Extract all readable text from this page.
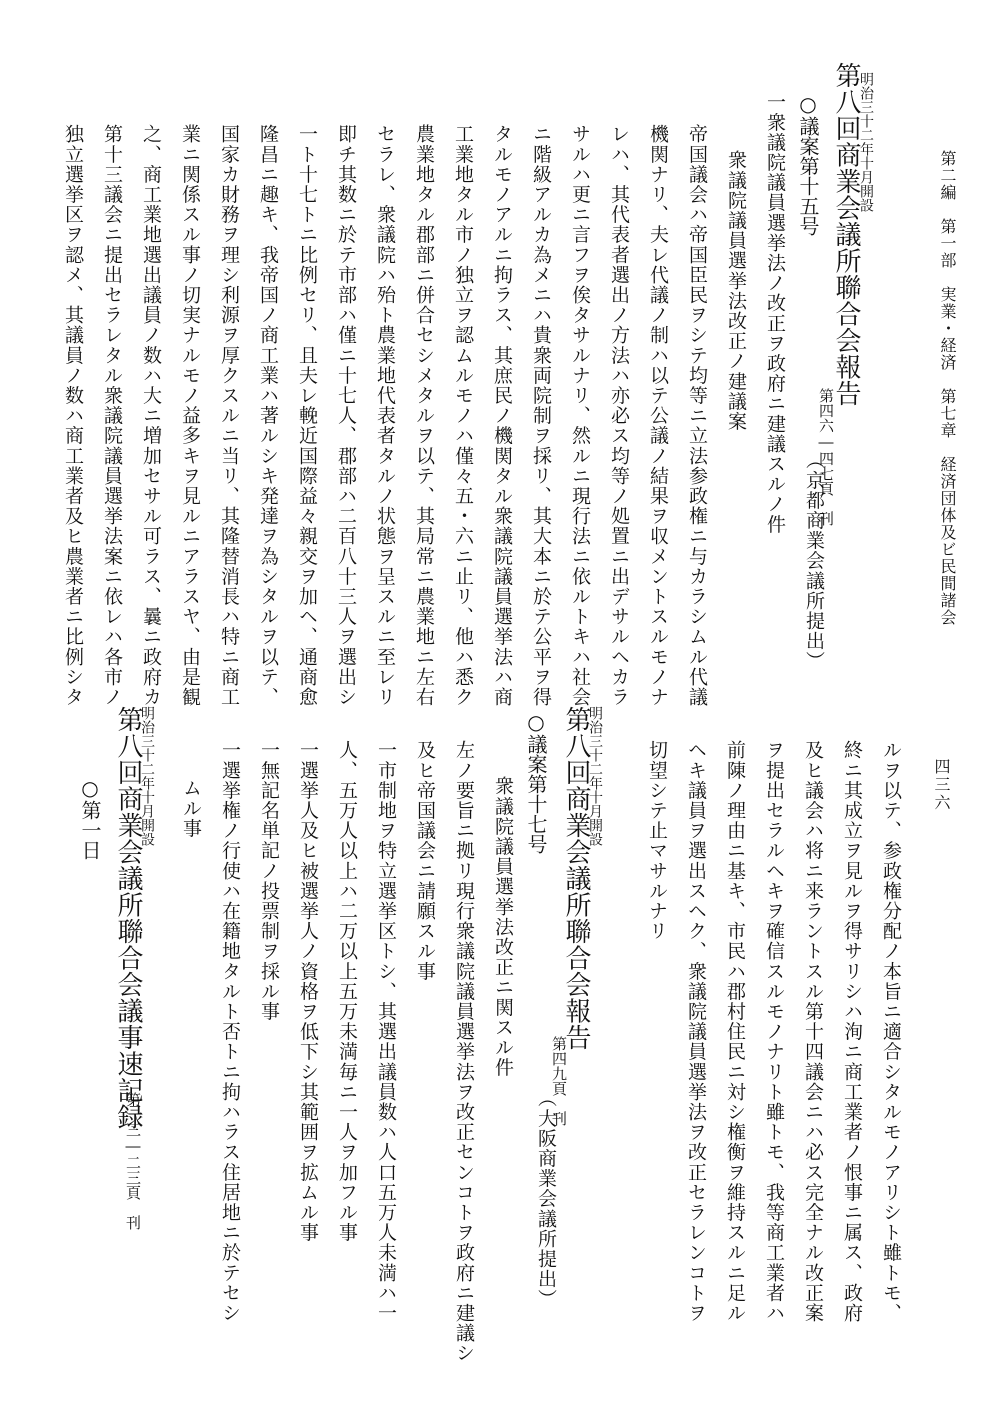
第二編　第一部　実業・経済　第七章　経済団体及ビ民間諸会
四三六
明治三十二年十月開設
第八回商業会議所聯合会報告
第四六―四七頁　刊
○議案第十五号
一衆議院議員選挙法ノ改正ヲ政府ニ建議スルノ件
（京都商業会議所提出）
衆議院議員選挙法改正ノ建議案
帝国議会ハ帝国臣民ヲシテ均等ニ立法参政権ニ与カラシムル代議
機関ナリ、夫レ代議ノ制ハ以テ公議ノ結果ヲ収メントスルモノナ
レハ、其代表者選出ノ方法ハ亦必ス均等ノ処置ニ出デサルヘカラ
サルハ更ニ言フヲ俟タサルナリ、然ルニ現行法ニ依ルトキハ社会
ニ階級アルカ為メニハ貴衆両院制ヲ採リ、其大本ニ於テ公平ヲ得
タルモノアルニ拘ラス、其庶民ノ機関タル衆議院議員選挙法ハ商
工業地タル市ノ独立ヲ認ムルモノハ僅々五・六ニ止リ、他ハ悉ク
農業地タル郡部ニ併合セシメタルヲ以テ、其局常ニ農業地ニ左右
セラレ、衆議院ハ殆ト農業地代表者タルノ状態ヲ呈スルニ至レリ
即チ其数ニ於テ市部ハ僅ニ十七人、郡部ハ二百八十三人ヲ選出シ
一ト十七トニ比例セリ、且夫レ輓近国際益々親交ヲ加ヘ、通商愈
隆昌ニ趣キ、我帝国ノ商工業ハ著ルシキ発達ヲ為シタルヲ以テ、
国家カ財務ヲ理シ利源ヲ厚クスルニ当リ、其隆替消長ハ特ニ商工
業ニ関係スル事ノ切実ナルモノ益多キヲ見ルニアラスヤ、由是観
之、商工業地選出議員ノ数ハ大ニ増加セサル可ラス、曩ニ政府カ
第十三議会ニ提出セラレタル衆議院議員選挙法案ニ依レハ各市ノ
独立選挙区ヲ認メ、其議員ノ数ハ商工業者及ヒ農業者ニ比例シタ
ルヲ以テ、参政権分配ノ本旨ニ適合シタルモノアリシト雖トモ、
終ニ其成立ヲ見ルヲ得サリシハ洵ニ商工業者ノ恨事ニ属ス、政府
及ヒ議会ハ将ニ来ラントスル第十四議会ニハ必ス完全ナル改正案
ヲ提出セラルヘキヲ確信スルモノナリト雖トモ、我等商工業者ハ
前陳ノ理由ニ基キ、市民ハ郡村住民ニ対シ権衡ヲ維持スルニ足ル
ヘキ議員ヲ選出スヘク、衆議院議員選挙法ヲ改正セラレンコトヲ
切望シテ止マサルナリ
明治三十二年十月開設
第八回商業会議所聯合会報告
第四九頁　刊
○議案第十七号
（大阪商業会議所提出）
衆議院議員選挙法改正ニ関スル件
左ノ要旨ニ拠リ現行衆議院議員選挙法ヲ改正センコトヲ政府ニ建議シ
及ヒ帝国議会ニ請願スル事
一市制地ヲ特立選挙区トシ、其選出議員数ハ人口五万人未満ハ一
人、五万人以上ハ二万以上五万未満毎ニ一人ヲ加フル事
一選挙人及ヒ被選挙人ノ資格ヲ低下シ其範囲ヲ拡ムル事
一無記名単記ノ投票制ヲ採ル事
一選挙権ノ行使ハ在籍地タルト否トニ拘ハラス住居地ニ於テセシ
ムル事
明治三十二年十月開設
第八回商業会議所聯合会議事速記録
第一三―二三頁　刊
○第一日
